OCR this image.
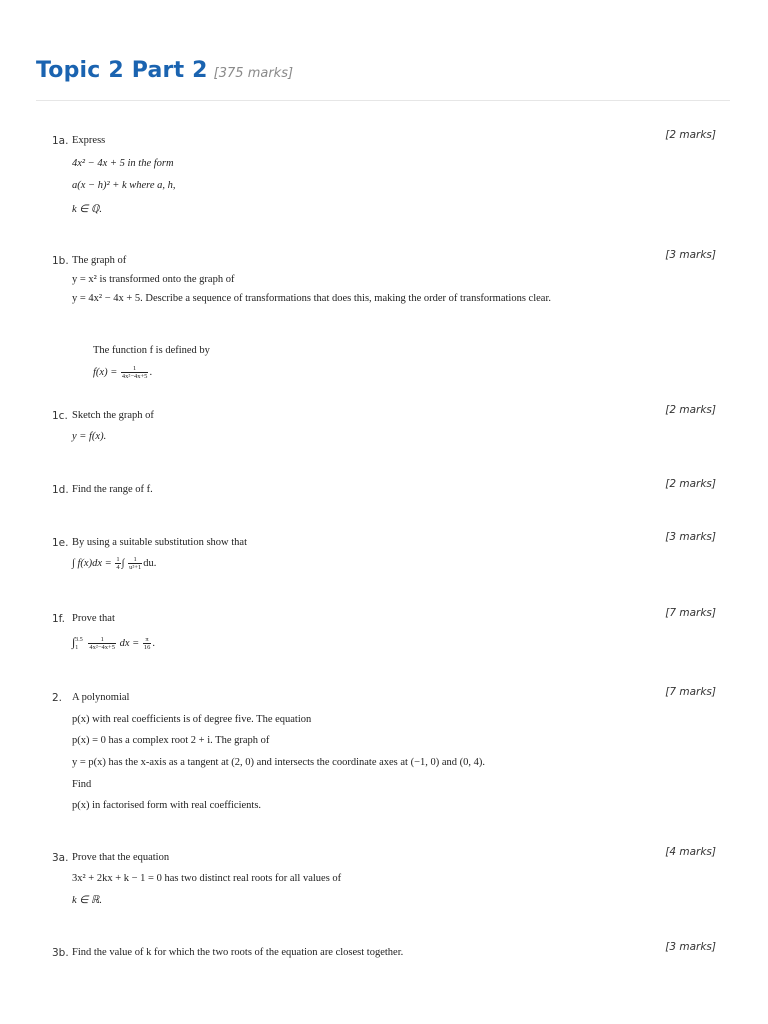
Topic 2 Part 2 [375 marks]
1a.	[2 marks]
Express
4x² − 4x + 5 in the form
a(x − h)² + k where a, h,
k ∈ ℚ.
1b.	[3 marks]
The graph of
y = x² is transformed onto the graph of
y = 4x² − 4x + 5. Describe a sequence of transformations that does this, making the order of transformations clear.
The function f is defined by
$f(x) = \frac{1}{\text{4x²−4x+5}}$ .
1c.	[2 marks]
Sketch the graph of
y = f(x).
1d.	[2 marks]
Find the range of f.
1e.	[3 marks]
By using a suitable substitution show that
∫ $f(x)dx = \frac{1}{4}$ ∫ $\frac{1}{\text{u²+1}}$ du.
1f.	[7 marks]
Prove that
∫ 3.5
1
	$\frac{1}{\text{4x²−4x+5}}$ dx = $\frac{\pi}{16}$ .
2.	[7 marks]
A polynomial
p(x) with real coefficients is of degree five. The equation
p(x) = 0 has a complex root 2 + i. The graph of
y = p(x) has the x-axis as a tangent at (2, 0) and intersects the coordinate axes at (−1, 0) and (0, 4).
Find
p(x) in factorised form with real coefficients.
3a.	[4 marks]
Prove that the equation
3x² + 2kx + k − 1 = 0 has two distinct real roots for all values of
k ∈ ℝ.
3b.	[3 marks]
Find the value of k for which the two roots of the equation are closest together.
